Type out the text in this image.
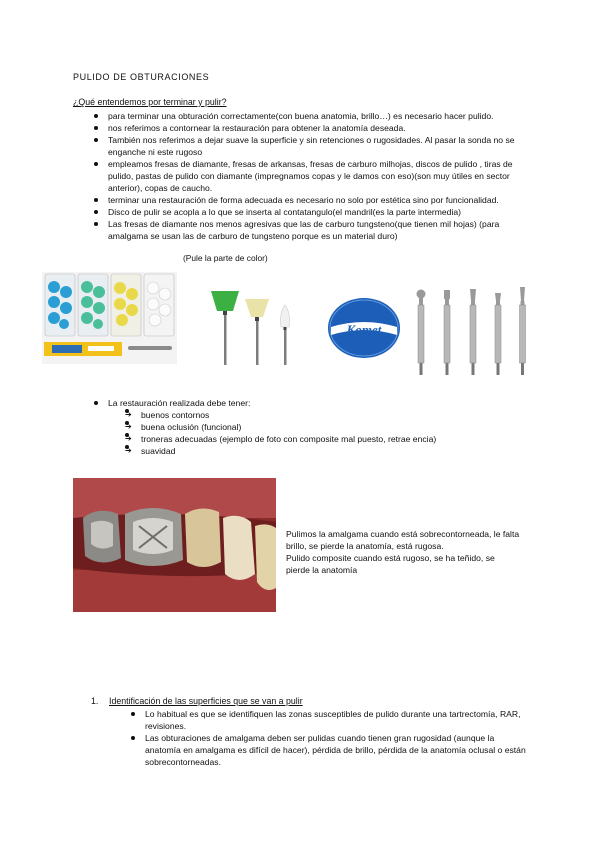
PULIDO DE OBTURACIONES
¿Qué entendemos por terminar y pulir?
para terminar una obturación correctamente(con buena anatomia, brillo…) es necesario hacer pulido.
nos referimos a contornear la restauración para obtener la anatomía deseada.
También nos referimos a dejar suave la superficie y sin retenciones o rugosidades. Al pasar la sonda no se enganche ni este rugoso
empleamos fresas de diamante, fresas de arkansas, fresas de carburo milhojas, discos de pulido , tiras de pulido, pastas de pulido con diamante (impregnamos copas y le damos con eso)(son muy útiles en sector anterior), copas de caucho.
terminar una restauración de forma adecuada es necesario no solo por estética sino por funcionalidad.
Disco de pulir se acopla a lo que se inserta al contatangulo(el mandril(es la parte intermedia)
Las fresas de diamante nos menos agresivas que las de carburo tungsteno(que tienen mil hojas) (para amalgama se usan las de carburo de tungsteno porque es un material duro)
(Pule la parte de color)
Komet
La restauración realizada debe tener:
➔ buenos contornos
➔ buena oclusión (funcional)
➔ troneras adecuadas (ejemplo de foto con composite mal puesto, retrae encia)
➔ suavidad

Pulimos la amalgama cuando está sobrecontorneada, le falta brillo, se pierde la anatomía, está rugosa.
Pulido composite cuando está rugoso, se ha teñido, se pierde la anatomía

1. Identificación de las superficies que se van a pulir
Lo habitual es que se identifiquen las zonas susceptibles de pulido durante una tartrectomía, RAR, revisiones.
Las obturaciones de amalgama deben ser pulidas cuando tienen gran rugosidad (aunque la anatomía en amalgama es difícil de hacer), pérdida de brillo, pérdida de la anatomía oclusal o están sobrecontorneadas.
